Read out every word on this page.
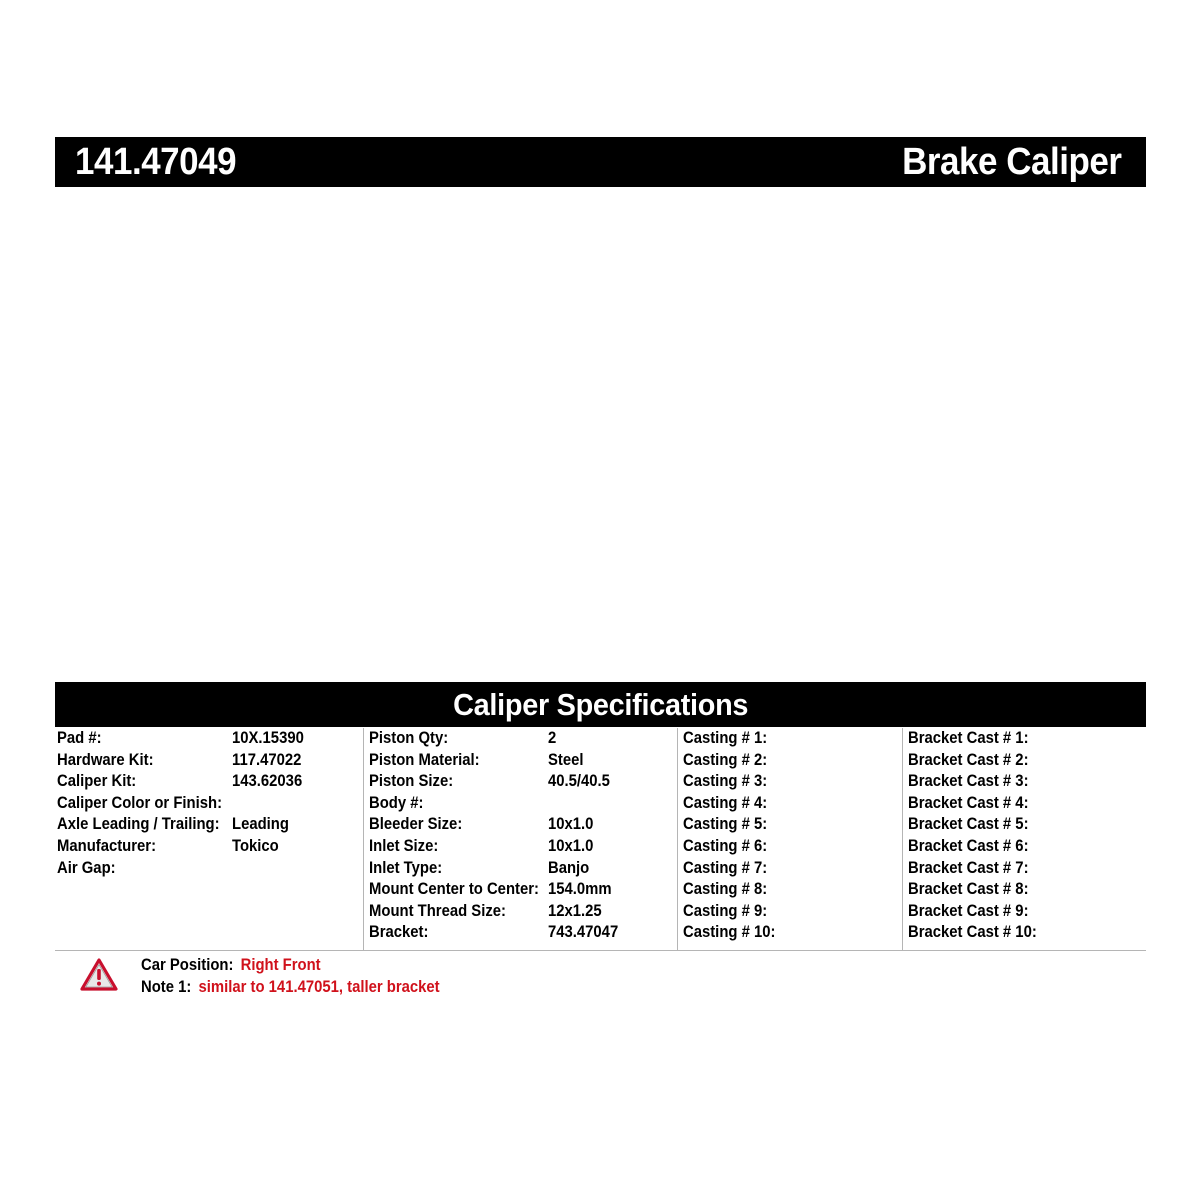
141.47049	Brake Caliper
Caliper Specifications
Pad #:	10X.15390
Hardware Kit:	117.47022
Caliper Kit:	143.62036
Caliper Color or Finish:
Axle Leading / Trailing: Leading
Manufacturer:	Tokico
Air Gap:
Piston Qty:	2
Piston Material:	Steel
Piston Size:	40.5/40.5
Body #:
Bleeder Size:	10x1.0
Inlet Size:	10x1.0
Inlet Type:	Banjo
Mount Center to Center: 154.0mm
Mount Thread Size:	12x1.25
Bracket:	743.47047
Casting # 1:
Casting # 2:
Casting # 3:
Casting # 4:
Casting # 5:
Casting # 6:
Casting # 7:
Casting # 8:
Casting # 9:
Casting # 10:
Bracket Cast # 1:
Bracket Cast # 2:
Bracket Cast # 3:
Bracket Cast # 4:
Bracket Cast # 5:
Bracket Cast # 6:
Bracket Cast # 7:
Bracket Cast # 8:
Bracket Cast # 9:
Bracket Cast # 10:
Car Position: Right Front
Note 1: similar to 141.47051, taller bracket
